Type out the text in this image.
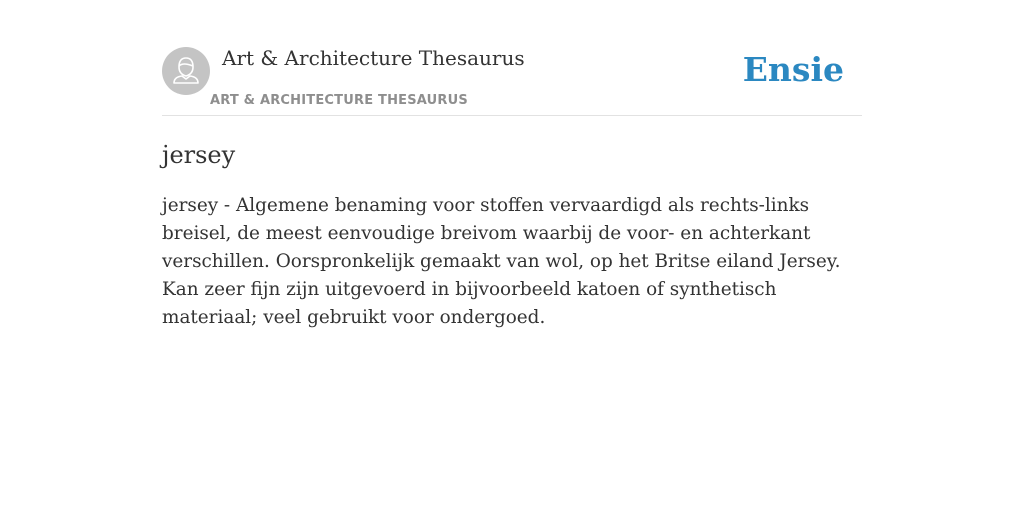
Art & Architecture Thesaurus
ART & ARCHITECTURE THESAURUS
Ensie
jersey

jersey - Algemene benaming voor stoffen vervaardigd als rechts-links breisel, de meest eenvoudige breivom waarbij de voor- en achterkant verschillen. Oorspronkelijk gemaakt van wol, op het Britse eiland Jersey. Kan zeer fijn zijn uitgevoerd in bijvoorbeeld katoen of synthetisch materiaal; veel gebruikt voor ondergoed.
